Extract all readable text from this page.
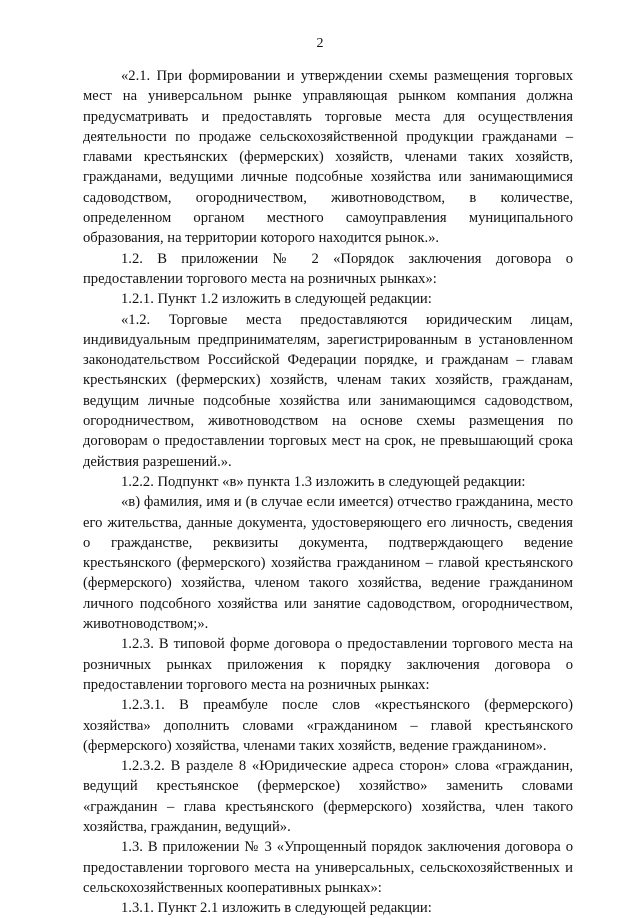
2

«2.1. При формировании и утверждении схемы размещения торговых мест на универсальном рынке управляющая рынком компания должна предусматривать и предоставлять торговые места для осуществления деятельности по продаже сельскохозяйственной продукции гражданами – главами крестьянских (фермерских) хозяйств, членами таких хозяйств, гражданами, ведущими личные подсобные хозяйства или занимающимися садоводством, огородничеством, животноводством, в количестве, определенном органом местного самоуправления муниципального образования, на территории которого находится рынок.».

1.2. В приложении № 2 «Порядок заключения договора о предоставлении торгового места на розничных рынках»:

1.2.1. Пункт 1.2 изложить в следующей редакции:

«1.2. Торговые места предоставляются юридическим лицам, индивидуальным предпринимателям, зарегистрированным в установленном законодательством Российской Федерации порядке, и гражданам – главам крестьянских (фермерских) хозяйств, членам таких хозяйств, гражданам, ведущим личные подсобные хозяйства или занимающимся садоводством, огородничеством, животноводством на основе схемы размещения по договорам о предоставлении торговых мест на срок, не превышающий срока действия разрешений.».

1.2.2. Подпункт «в» пункта 1.3 изложить в следующей редакции:

«в) фамилия, имя и (в случае если имеется) отчество гражданина, место его жительства, данные документа, удостоверяющего его личность, сведения о гражданстве, реквизиты документа, подтверждающего ведение крестьянского (фермерского) хозяйства гражданином – главой крестьянского (фермерского) хозяйства, членом такого хозяйства, ведение гражданином личного подсобного хозяйства или занятие садоводством, огородничеством, животноводством;».

1.2.3. В типовой форме договора о предоставлении торгового места на розничных рынках приложения к порядку заключения договора о предоставлении торгового места на розничных рынках:

1.2.3.1. В преамбуле после слов «крестьянского (фермерского) хозяйства» дополнить словами «гражданином – главой крестьянского (фермерского) хозяйства, членами таких хозяйств, ведение гражданином».

1.2.3.2. В разделе 8 «Юридические адреса сторон» слова «гражданин, ведущий крестьянское (фермерское) хозяйство» заменить словами «гражданин – глава крестьянского (фермерского) хозяйства, член такого хозяйства, гражданин, ведущий».

1.3. В приложении № 3 «Упрощенный порядок заключения договора о предоставлении торгового места на универсальных, сельскохозяйственных и сельскохозяйственных кооперативных рынках»:

1.3.1. Пункт 2.1 изложить в следующей редакции:
